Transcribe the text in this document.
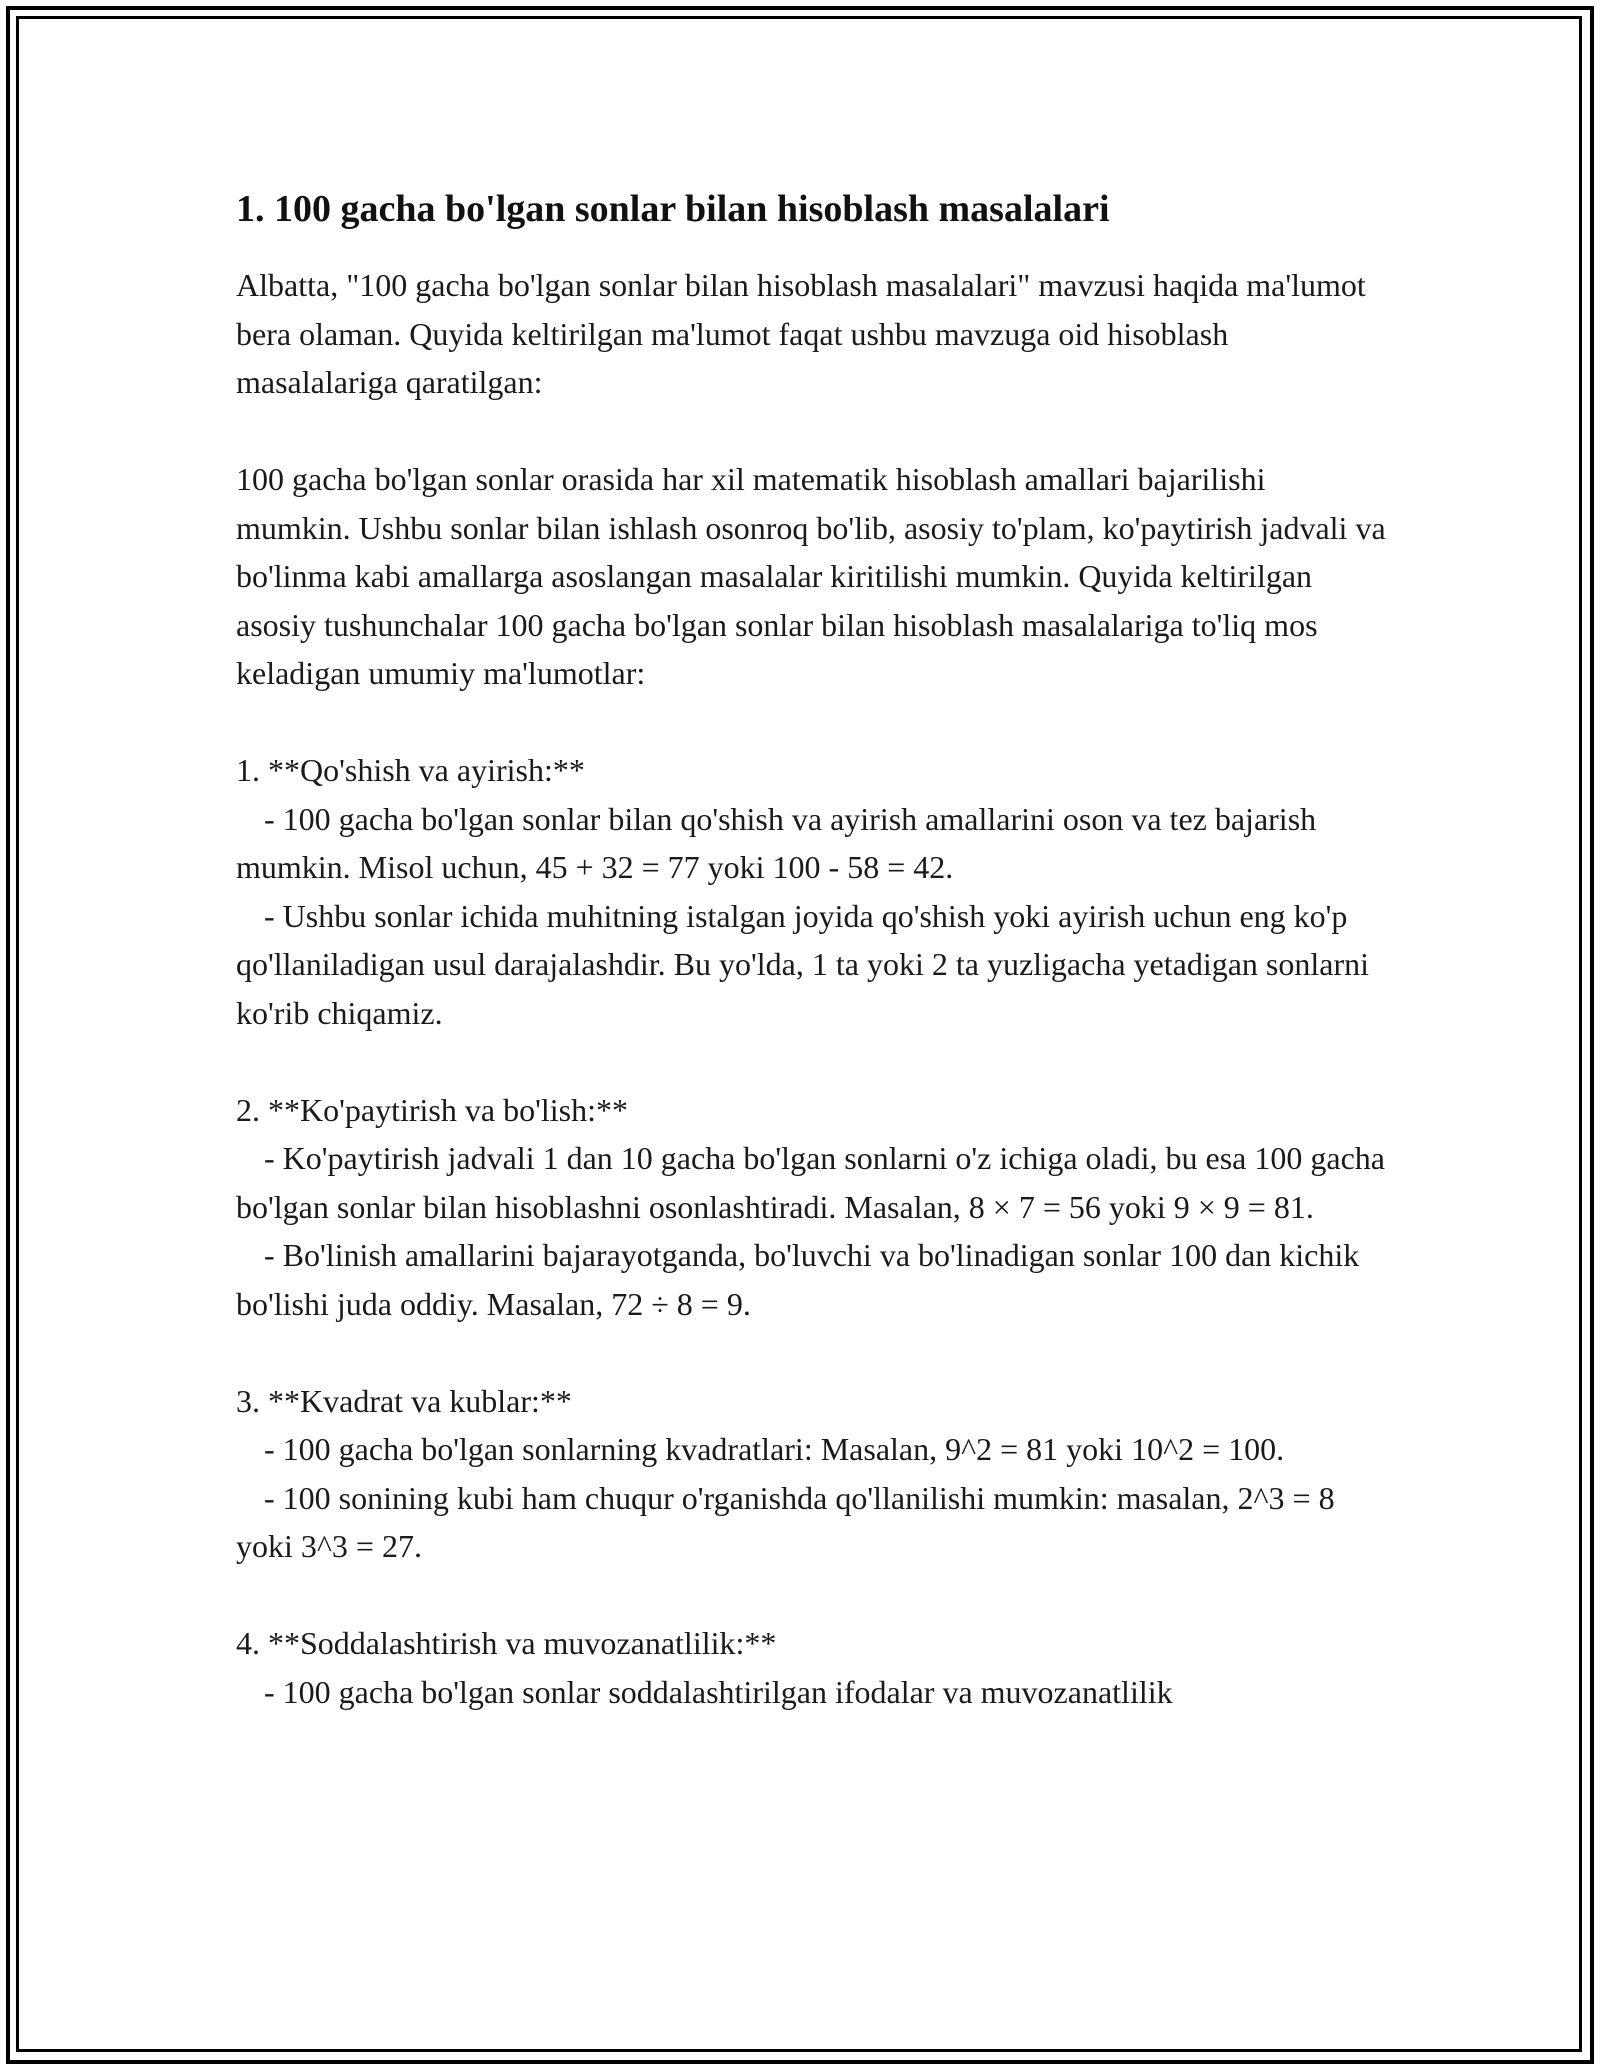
1. 100 gacha bo'lgan sonlar bilan hisoblash masalalari

Albatta, "100 gacha bo'lgan sonlar bilan hisoblash masalalari" mavzusi haqida ma'lumot bera olaman. Quyida keltirilgan ma'lumot faqat ushbu mavzuga oid hisoblash masalalariga qaratilgan:

100 gacha bo'lgan sonlar orasida har xil matematik hisoblash amallari bajarilishi mumkin. Ushbu sonlar bilan ishlash osonroq bo'lib, asosiy to'plam, ko'paytirish jadvali va bo'linma kabi amallarga asoslangan masalalar kiritilishi mumkin. Quyida keltirilgan asosiy tushunchalar 100 gacha bo'lgan sonlar bilan hisoblash masalalariga to'liq mos keladigan umumiy ma'lumotlar:

1. **Qo'shish va ayirish:**

- 100 gacha bo'lgan sonlar bilan qo'shish va ayirish amallarini oson va tez bajarish mumkin. Misol uchun, 45 + 32 = 77 yoki 100 - 58 = 42.

- Ushbu sonlar ichida muhitning istalgan joyida qo'shish yoki ayirish uchun eng ko'p qo'llaniladigan usul darajalashdir. Bu yo'lda, 1 ta yoki 2 ta yuzligacha yetadigan sonlarni ko'rib chiqamiz.

2. **Ko'paytirish va bo'lish:**

- Ko'paytirish jadvali 1 dan 10 gacha bo'lgan sonlarni o'z ichiga oladi, bu esa 100 gacha bo'lgan sonlar bilan hisoblashni osonlashtiradi. Masalan, 8 × 7 = 56 yoki 9 × 9 = 81.

- Bo'linish amallarini bajarayotganda, bo'luvchi va bo'linadigan sonlar 100 dan kichik bo'lishi juda oddiy. Masalan, 72 ÷ 8 = 9.

3. **Kvadrat va kublar:**

- 100 gacha bo'lgan sonlarning kvadratlari: Masalan, 9^2 = 81 yoki 10^2 = 100.

- 100 sonining kubi ham chuqur o'rganishda qo'llanilishi mumkin: masalan, 2^3 = 8 yoki 3^3 = 27.

4. **Soddalashtirish va muvozanatlilik:**

- 100 gacha bo'lgan sonlar soddalashtirilgan ifodalar va muvozanatlilik
